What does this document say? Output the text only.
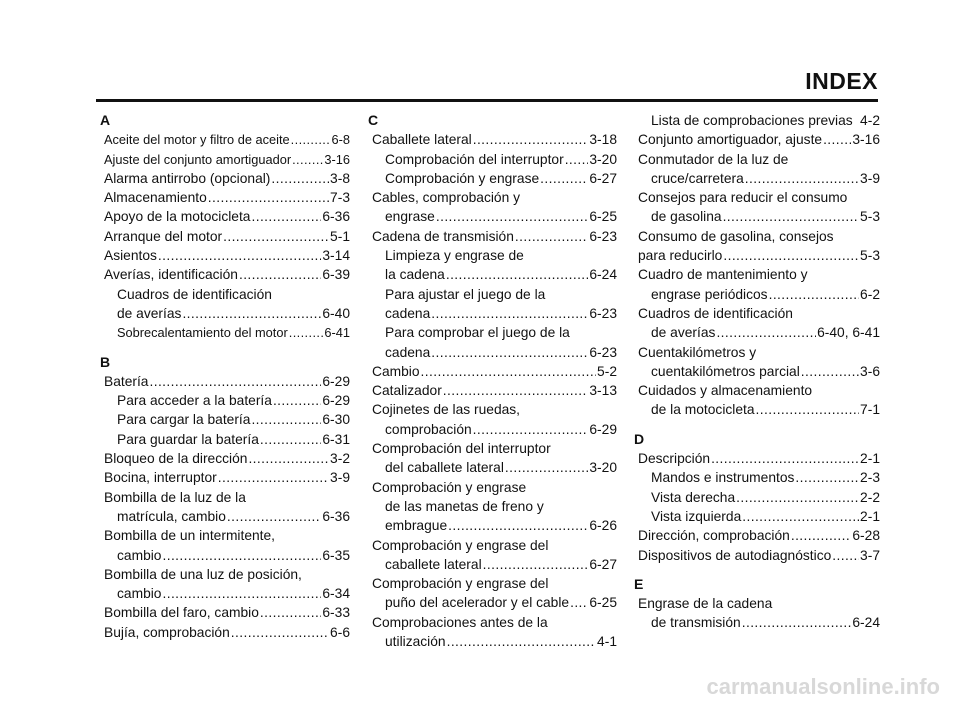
INDEX
A
Aceite del motor y filtro de aceite .....	6-8
Ajuste del conjunto amortiguador .....	3-16
Alarma antirrobo (opcional) .....	3-8
Almacenamiento .....	7-3
Apoyo de la motocicleta .....	6-36
Arranque del motor .....	5-1
Asientos .....	3-14
Averías, identificación .....	6-39
Cuadros de identificación
de averías .....	6-40
Sobrecalentamiento del motor .....	6-41
B
Batería .....	6-29
Para acceder a la batería .....	6-29
Para cargar la batería .....	6-30
Para guardar la batería .....	6-31
Bloqueo de la dirección .....	3-2
Bocina, interruptor .....	3-9
Bombilla de la luz de la
matrícula, cambio .....	6-36
Bombilla de un intermitente,
cambio .....	6-35
Bombilla de una luz de posición,
cambio .....	6-34
Bombilla del faro, cambio .....	6-33
Bujía, comprobación .....	6-6
C
Caballete lateral .....	3-18
Comprobación del interruptor ..... 3-20
Comprobación y engrase .....	6-27
Cables, comprobación y
engrase .....	6-25
Cadena de transmisión .....	6-23
Limpieza y engrase de
la cadena .....	6-24
Para ajustar el juego de la
cadena .....	6-23
Para comprobar el juego de la
cadena .....	6-23
Cambio .....	5-2
Catalizador .....	3-13
Cojinetes de las ruedas,
comprobación .....	6-29
Comprobación del interruptor
del caballete lateral .....	3-20
Comprobación y engrase
de las manetas de freno y
embrague .....	6-26
Comprobación y engrase del
caballete lateral .....	6-27
Comprobación y engrase del
puño del acelerador y el cable ..... 6-25
Comprobaciones antes de la
utilización .....	4-1
Lista de comprobaciones previas 4-2
Conjunto amortiguador, ajuste ..... 3-16
Conmutador de la luz de
cruce/carretera .....	3-9
Consejos para reducir el consumo
de gasolina .....	5-3
Consumo de gasolina, consejos
para reducirlo .....	5-3
Cuadro de mantenimiento y
engrase periódicos .....	6-2
Cuadros de identificación
de averías .....	6-40, 6-41
Cuentakilómetros y
cuentakilómetros parcial .....	3-6
Cuidados y almacenamiento
de la motocicleta .....	7-1
D
Descripción .....	2-1
Mandos e instrumentos .....	2-3
Vista derecha .....	2-2
Vista izquierda .....	2-1
Dirección, comprobación .....	6-28
Dispositivos de autodiagnóstico ..... 3-7
E
Engrase de la cadena
de transmisión .....	6-24
carmanualsonline.info
